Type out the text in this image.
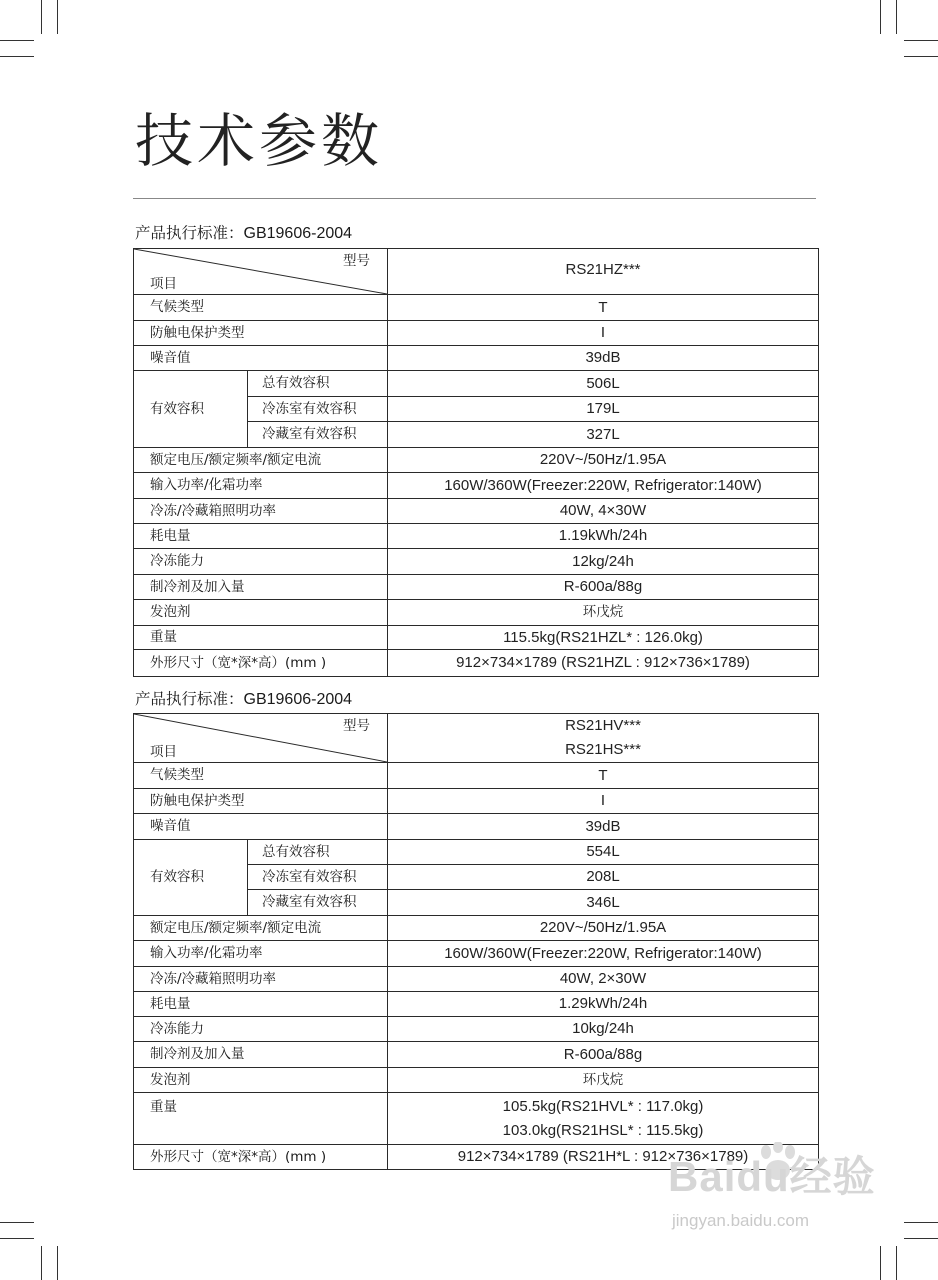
技术参数
产品执行标准：GB19606-2004
型号
项目		RS21HZ***
气候类型		T
防触电保护类型		I
噪音值		39dB
有效容积	总有效容积	506L
	冷冻室有效容积	179L
	冷藏室有效容积	327L
额定电压/额定频率/额定电流		220V~/50Hz/1.95A
输入功率/化霜功率		160W/360W(Freezer:220W, Refrigerator:140W)
冷冻/冷藏箱照明功率		40W, 4×30W
耗电量		1.19kWh/24h
冷冻能力		12kg/24h
制冷剂及加入量		R-600a/88g
发泡剂		环戊烷
重量		115.5kg(RS21HZL* : 126.0kg)
外形尺寸（宽*深*高）(mm )		912×734×1789 (RS21HZL : 912×736×1789)
产品执行标准：GB19606-2004
型号
项目		RS21HV***
RS21HS***

气候类型		T
防触电保护类型		I
噪音值		39dB
有效容积	总有效容积	554L
	冷冻室有效容积	208L
	冷藏室有效容积	346L
额定电压/额定频率/额定电流		220V~/50Hz/1.95A
输入功率/化霜功率		160W/360W(Freezer:220W, Refrigerator:140W)
冷冻/冷藏箱照明功率		40W, 2×30W
耗电量		1.29kWh/24h
冷冻能力		10kg/24h
制冷剂及加入量		R-600a/88g
发泡剂		环戊烷
重量		105.5kg(RS21HVL* : 117.0kg)
103.0kg(RS21HSL* : 115.5kg)

外形尺寸（宽*深*高）(mm )		912×734×1789 (RS21H*L : 912×736×1789)
Baidu经验
jingyan.baidu.com
